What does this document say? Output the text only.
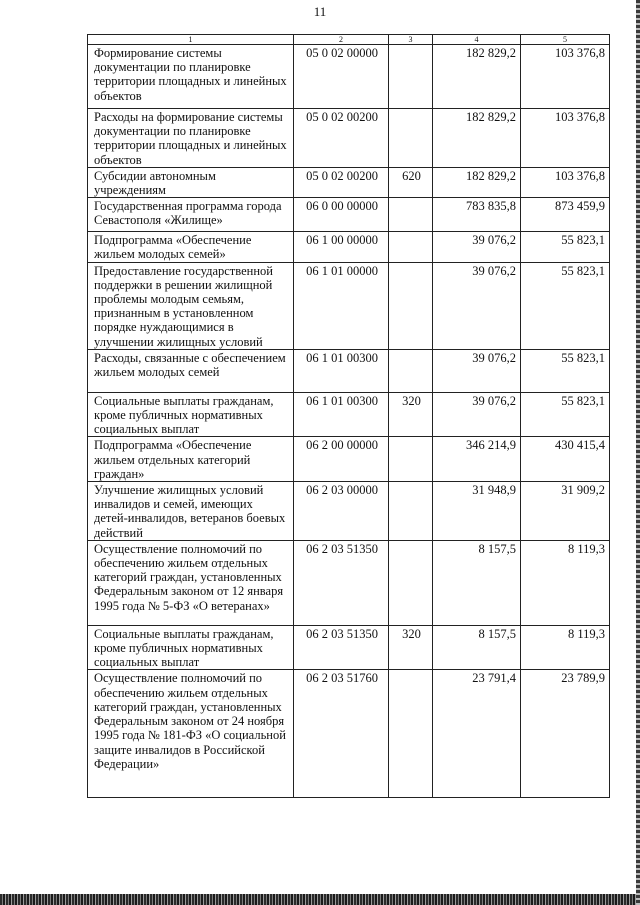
11
1	2	3	4	5
Формирование системы документации по планировке территории площадных и линейных объектов	05 0 02 00000		182 829,2	103 376,8
Расходы на формирование системы документации по планировке территории площадных и линейных объектов	05 0 02 00200		182 829,2	103 376,8
Субсидии автономным учреждениям	05 0 02 00200	620	182 829,2	103 376,8
Государственная программа города Севастополя «Жилище»	06 0 00 00000		783 835,8	873 459,9
Подпрограмма «Обеспечение жильем молодых семей»	06 1 00 00000		39 076,2	55 823,1
Предоставление государственной поддержки в решении жилищной проблемы молодым семьям, признанным в установленном порядке нуждающимися в улучшении жилищных условий	06 1 01 00000		39 076,2	55 823,1
Расходы, связанные с обеспечением жильем молодых семей	06 1 01 00300		39 076,2	55 823,1
Социальные выплаты гражданам, кроме публичных нормативных социальных выплат	06 1 01 00300	320	39 076,2	55 823,1
Подпрограмма «Обеспечение жильем отдельных категорий граждан»	06 2 00 00000		346 214,9	430 415,4
Улучшение жилищных условий инвалидов и семей, имеющих детей-инвалидов, ветеранов боевых действий	06 2 03 00000		31 948,9	31 909,2
Осуществление полномочий по обеспечению жильем отдельных категорий граждан, установленных Федеральным законом от 12 января 1995 года № 5-ФЗ «О ветеранах»	06 2 03 51350		8 157,5	8 119,3
Социальные выплаты гражданам, кроме публичных нормативных социальных выплат	06 2 03 51350	320	8 157,5	8 119,3
Осуществление полномочий по обеспечению жильем отдельных категорий граждан, установленных Федеральным законом от 24 ноября 1995 года № 181-ФЗ «О социальной защите инвалидов в Российской Федерации»	06 2 03 51760		23 791,4	23 789,9
